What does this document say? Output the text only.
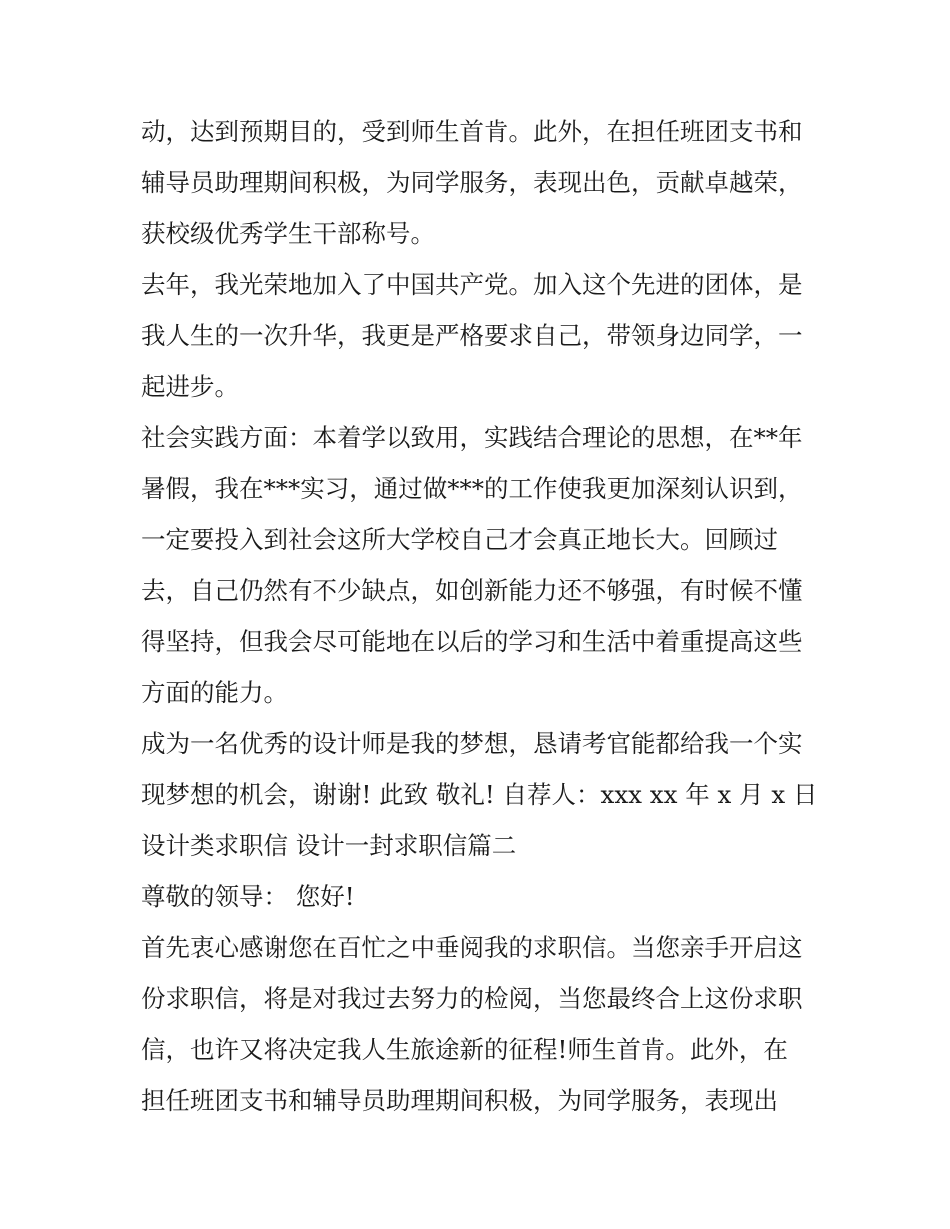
动，达到预期目的，受到师生首肯。此外，在担任班团支书和
辅导员助理期间积极，为同学服务，表现出色，贡献卓越荣，
获校级优秀学生干部称号。
去年，我光荣地加入了中国共产党。加入这个先进的团体，是
我人生的一次升华，我更是严格要求自己，带领身边同学，一
起进步。
社会实践方面：本着学以致用，实践结合理论的思想，在**年
暑假，我在***实习，通过做***的工作使我更加深刻认识到，
一定要投入到社会这所大学校自己才会真正地长大。回顾过
去，自己仍然有不少缺点，如创新能力还不够强，有时候不懂
得坚持，但我会尽可能地在以后的学习和生活中着重提高这些
方面的能力。
成为一名优秀的设计师是我的梦想，恳请考官能都给我一个实
现梦想的机会，谢谢! 此致 敬礼! 自荐人：xxx xx 年 x 月 x 日
设计类求职信 设计一封求职信篇二
尊敬的领导： 您好!
首先衷心感谢您在百忙之中垂阅我的求职信。当您亲手开启这
份求职信，将是对我过去努力的检阅，当您最终合上这份求职
信，也许又将决定我人生旅途新的征程!师生首肯。此外，在
担任班团支书和辅导员助理期间积极，为同学服务，表现出
